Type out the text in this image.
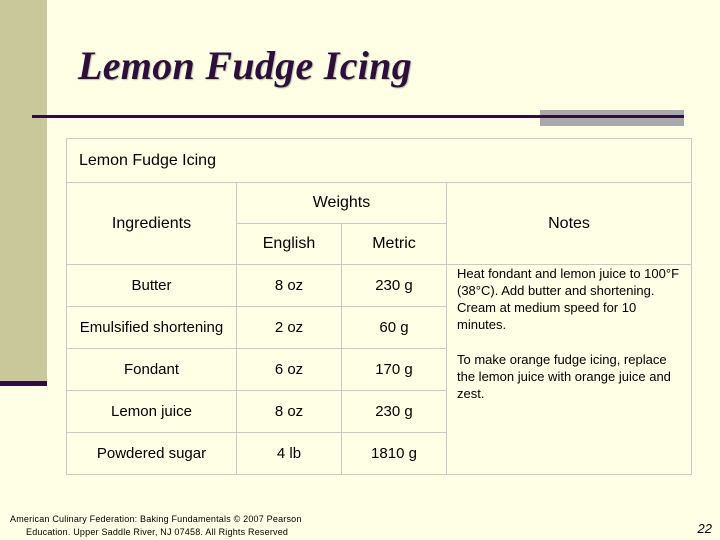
Lemon Fudge Icing
Lemon Fudge Icing			
Ingredients	Weights		Notes
	English	Metric	
Butter	8 oz	230 g	Heat fondant and lemon juice to 100°F (38°C). Add butter and shortening. Cream at medium speed for 10 minutes.

To make orange fudge icing, replace the lemon juice with orange juice and zest.

Emulsified shortening	2 oz	60 g	
Fondant	6 oz	170 g	
Lemon juice	8 oz	230 g	
Powdered sugar	4 lb	1810 g	
American Culinary Federation: Baking Fundamentals © 2007 Pearson
Education. Upper Saddle River, NJ 07458. All Rights Reserved	22
